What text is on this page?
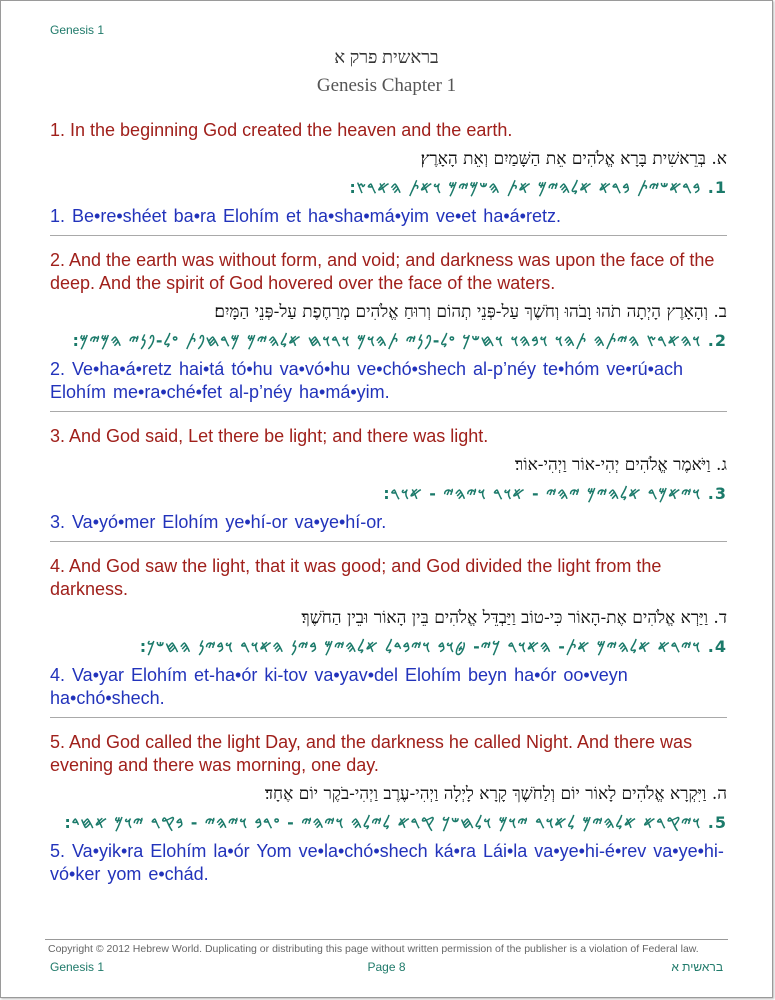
Genesis 1
בראשית פרק א
Genesis Chapter 1

1. In the beginning God created the heaven and the earth.

א. בְּרֵאשִׁית בָּרָא אֱלֹהִים אֵת הַשָּׁמַיִם וְאֵת הָאָרֶץ׃

1. 𐤁𐤓𐤀𐤔𐤉𐤕 𐤁𐤓𐤀 𐤀𐤋𐤄𐤉𐤌 𐤀𐤕 𐤄𐤔𐤌𐤉𐤌 𐤅𐤀𐤕 𐤄𐤀𐤓𐤑׃

1. Be•re•shéet ba•ra Elohím et ha•sha•má•yim ve•et ha•á•retz.

2. And the earth was without form, and void; and darkness was upon the face of the deep. And the spirit of God hovered over the face of the waters.

ב. וְהָאָרֶץ הָיְתָה תֹהוּ וָבֹהוּ וְחֹשֶׁךְ עַל-פְּנֵי תְהוֹם וְרוּחַ אֱלֹהִים מְרַחֶפֶת עַל-פְּנֵי הַמָּיִם׃

2. 𐤅𐤄𐤀𐤓𐤑 𐤄𐤉𐤕𐤄 𐤕𐤄𐤅 𐤅𐤁𐤄𐤅 𐤅𐤇𐤔𐤊 𐤏𐤋-𐤐𐤍𐤉 𐤕𐤄𐤅𐤌 𐤅𐤓𐤅𐤇 𐤀𐤋𐤄𐤉𐤌 𐤌𐤓𐤇𐤐𐤕 𐤏𐤋-𐤐𐤍𐤉 𐤄𐤌𐤉𐤌׃

2. Ve•ha•á•retz hai•tá tó•hu va•vó•hu ve•chó•shech al-p’néy te•hóm ve•rú•ach Elohím me•ra•ché•fet al-p’néy ha•má•yim.

3. And God said, Let there be light; and there was light.

ג. וַיֹּאמֶר אֱלֹהִים יְהִי-אוֹר וַיְהִי-אוֹר׃

3. 𐤅𐤉𐤀𐤌𐤓 𐤀𐤋𐤄𐤉𐤌 𐤉𐤄𐤉 - 𐤀𐤅𐤓 𐤅𐤉𐤄𐤉 - 𐤀𐤅𐤓׃

3. Va•yó•mer Elohím ye•hí-or va•ye•hí-or.

4. And God saw the light, that it was good; and God divided the light from the darkness.

ד. וַיַּרְא אֱלֹהִים אֶת-הָאוֹר כִּי-טוֹב וַיַּבְדֵּל אֱלֹהִים בֵּין הָאוֹר וּבֵין הַחֹשֶׁךְ׃

4. 𐤅𐤉𐤓𐤀 𐤀𐤋𐤄𐤉𐤌 𐤀𐤕- 𐤄𐤀𐤅𐤓 𐤊𐤉- 𐤈𐤅𐤁 𐤅𐤉𐤁𐤃𐤋 𐤀𐤋𐤄𐤉𐤌 𐤁𐤉𐤍 𐤄𐤀𐤅𐤓 𐤅𐤁𐤉𐤍 𐤄𐤇𐤔𐤊׃

4. Va•yar Elohím et-ha•ór ki-tov va•yav•del Elohím beyn ha•ór oo•veyn ha•chó•shech.

5. And God called the light Day, and the darkness he called Night. And there was evening and there was morning, one day.

ה. וַיִּקְרָא אֱלֹהִים לָאוֹר יוֹם וְלַחֹשֶׁךְ קָרָא לָיְלָה וַיְהִי-עֶרֶב וַיְהִי-בֹקֶר יוֹם אֶחָד׃

5. 𐤅𐤉𐤒𐤓𐤀 𐤀𐤋𐤄𐤉𐤌 𐤋𐤀𐤅𐤓 𐤉𐤅𐤌 𐤅𐤋𐤇𐤔𐤊 𐤒𐤓𐤀 𐤋𐤉𐤋𐤄 𐤅𐤉𐤄𐤉 - 𐤏𐤓𐤁 𐤅𐤉𐤄𐤉 - 𐤁𐤒𐤓 𐤉𐤅𐤌 𐤀𐤇𐤃׃

5. Va•yik•ra Elohím la•ór Yom ve•la•chó•shech ká•ra Lái•la va•ye•hi-é•rev va•ye•hi-vó•ker yom e•chád.

Copyright © 2012 Hebrew World. Duplicating or distributing this page without written permission of the publisher is a violation of Federal law.
Genesis 1	Page 8	בראשית א
